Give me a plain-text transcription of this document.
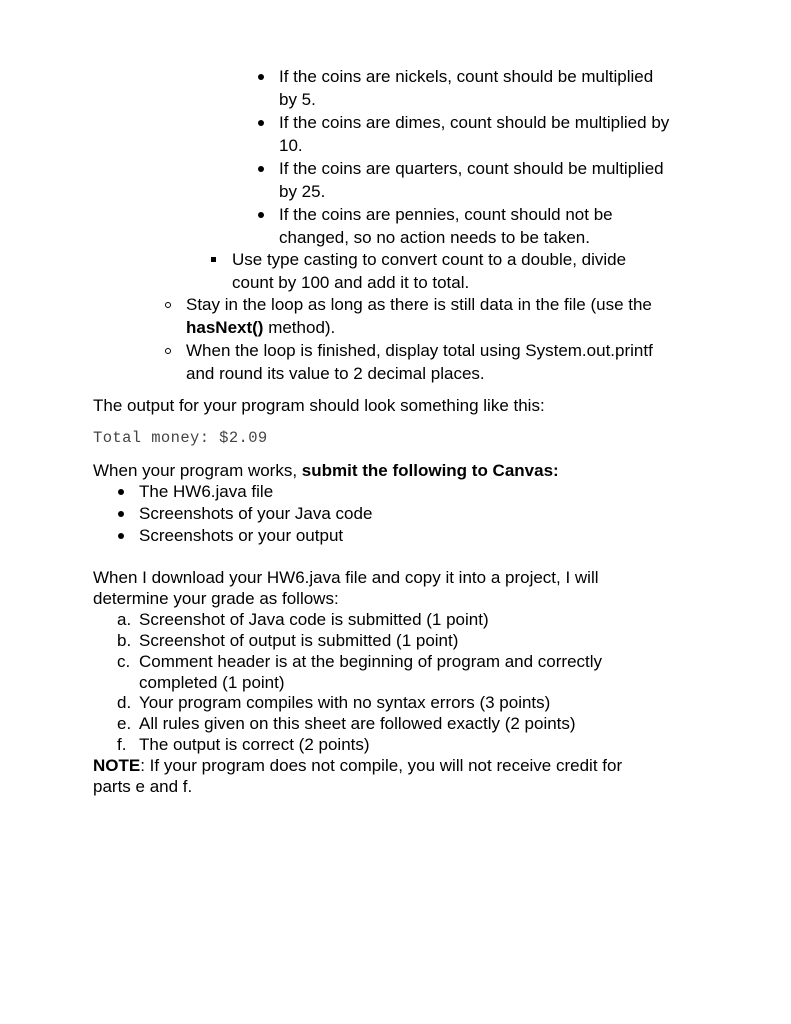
If the coins are nickels, count should be multiplied
by 5.
If the coins are dimes, count should be multiplied by
10.
If the coins are quarters, count should be multiplied
by 25.
If the coins are pennies, count should not be
changed, so no action needs to be taken.
Use type casting to convert count to a double, divide
count by 100 and add it to total.
Stay in the loop as long as there is still data in the file (use the
hasNext() method).
When the loop is finished, display total using System.out.printf
and round its value to 2 decimal places.
The output for your program should look something like this:
Total money: $2.09
When your program works, submit the following to Canvas:
The HW6.java file
Screenshots of your Java code
Screenshots or your output
When I download your HW6.java file and copy it into a project, I will
determine your grade as follows:
a. Screenshot of Java code is submitted (1 point)
b. Screenshot of output is submitted (1 point)
c. Comment header is at the beginning of program and correctly
completed (1 point)
d. Your program compiles with no syntax errors (3 points)
e. All rules given on this sheet are followed exactly (2 points)
f. The output is correct (2 points)
NOTE: If your program does not compile, you will not receive credit for
parts e and f.
